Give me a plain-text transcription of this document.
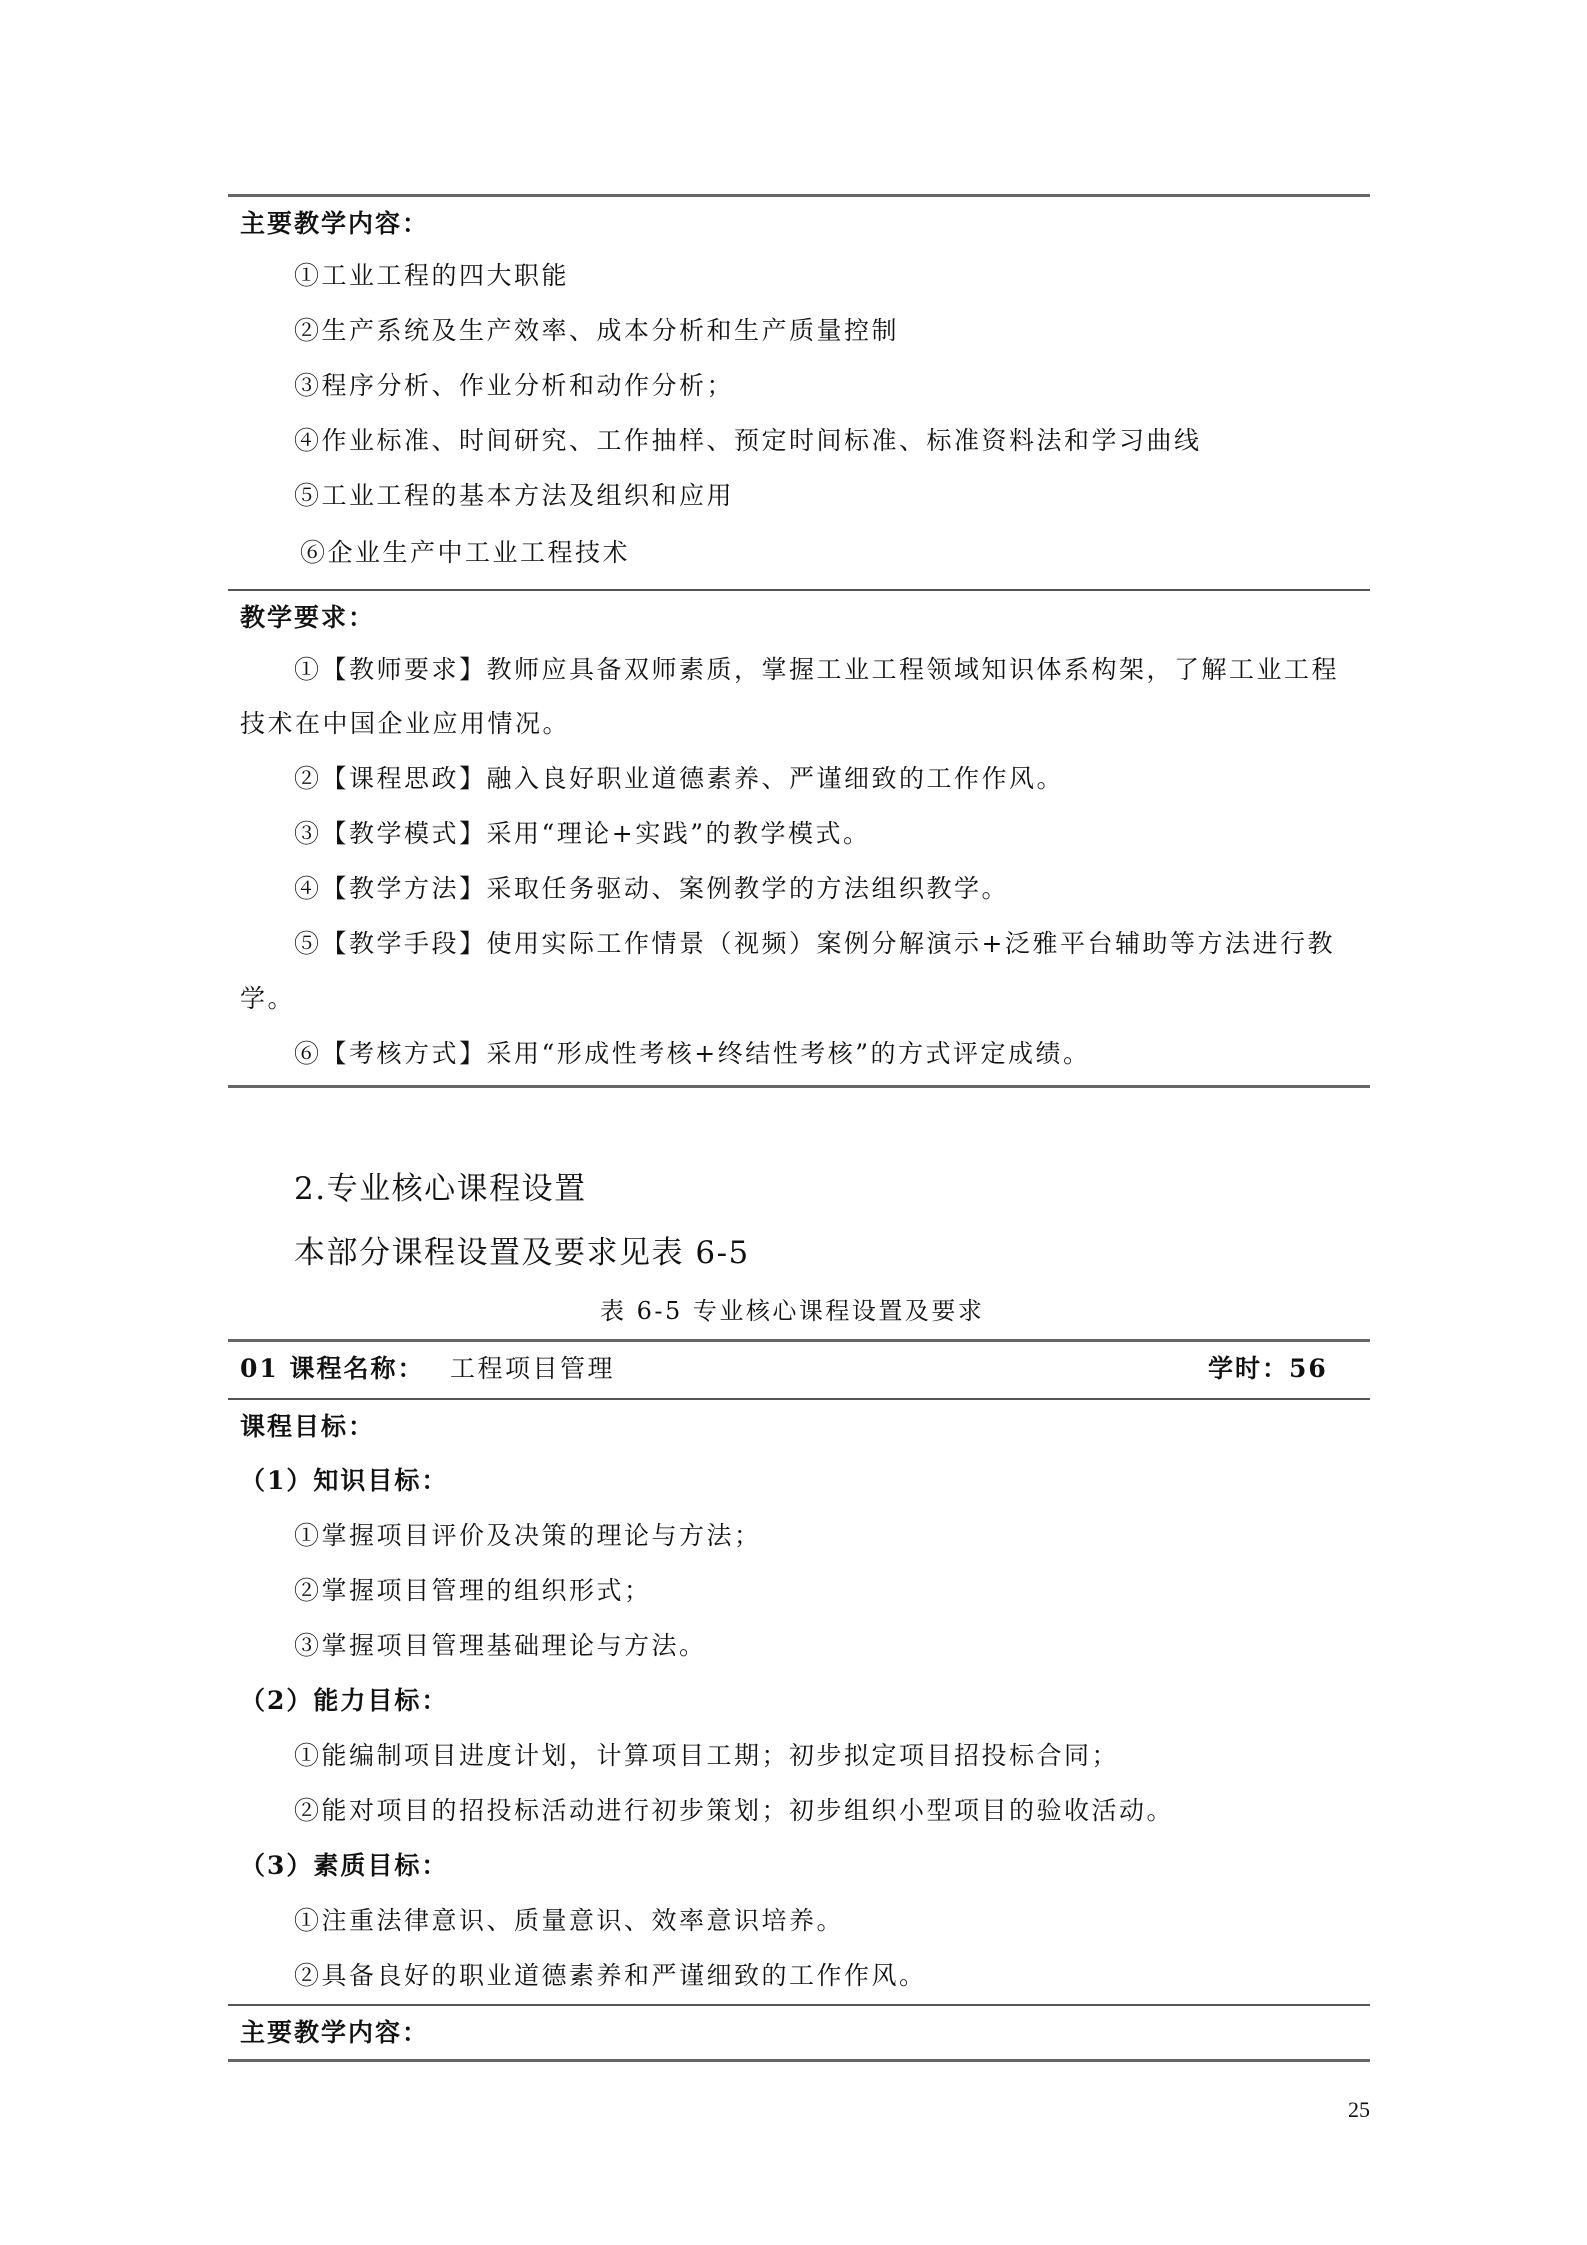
主要教学内容：
①工业工程的四大职能
②生产系统及生产效率、成本分析和生产质量控制
③程序分析、作业分析和动作分析；
④作业标准、时间研究、工作抽样、预定时间标准、标准资料法和学习曲线
⑤工业工程的基本方法及组织和应用
⑥企业生产中工业工程技术
教学要求：
①【教师要求】教师应具备双师素质，掌握工业工程领域知识体系构架，了解工业工程
技术在中国企业应用情况。
②【课程思政】融入良好职业道德素养、严谨细致的工作作风。
③【教学模式】采用“理论+实践”的教学模式。
④【教学方法】采取任务驱动、案例教学的方法组织教学。
⑤【教学手段】使用实际工作情景（视频）案例分解演示+泛雅平台辅助等方法进行教
学。
⑥【考核方式】采用“形成性考核+终结性考核”的方式评定成绩。
2.专业核心课程设置
本部分课程设置及要求见表 6-5
表 6-5 专业核心课程设置及要求
01 课程名称： 工程项目管理	学时：56
课程目标：
（1）知识目标：
①掌握项目评价及决策的理论与方法；
②掌握项目管理的组织形式；
③掌握项目管理基础理论与方法。
（2）能力目标：
①能编制项目进度计划，计算项目工期；初步拟定项目招投标合同；
②能对项目的招投标活动进行初步策划；初步组织小型项目的验收活动。
（3）素质目标：
①注重法律意识、质量意识、效率意识培养。
②具备良好的职业道德素养和严谨细致的工作作风。
主要教学内容：
25
